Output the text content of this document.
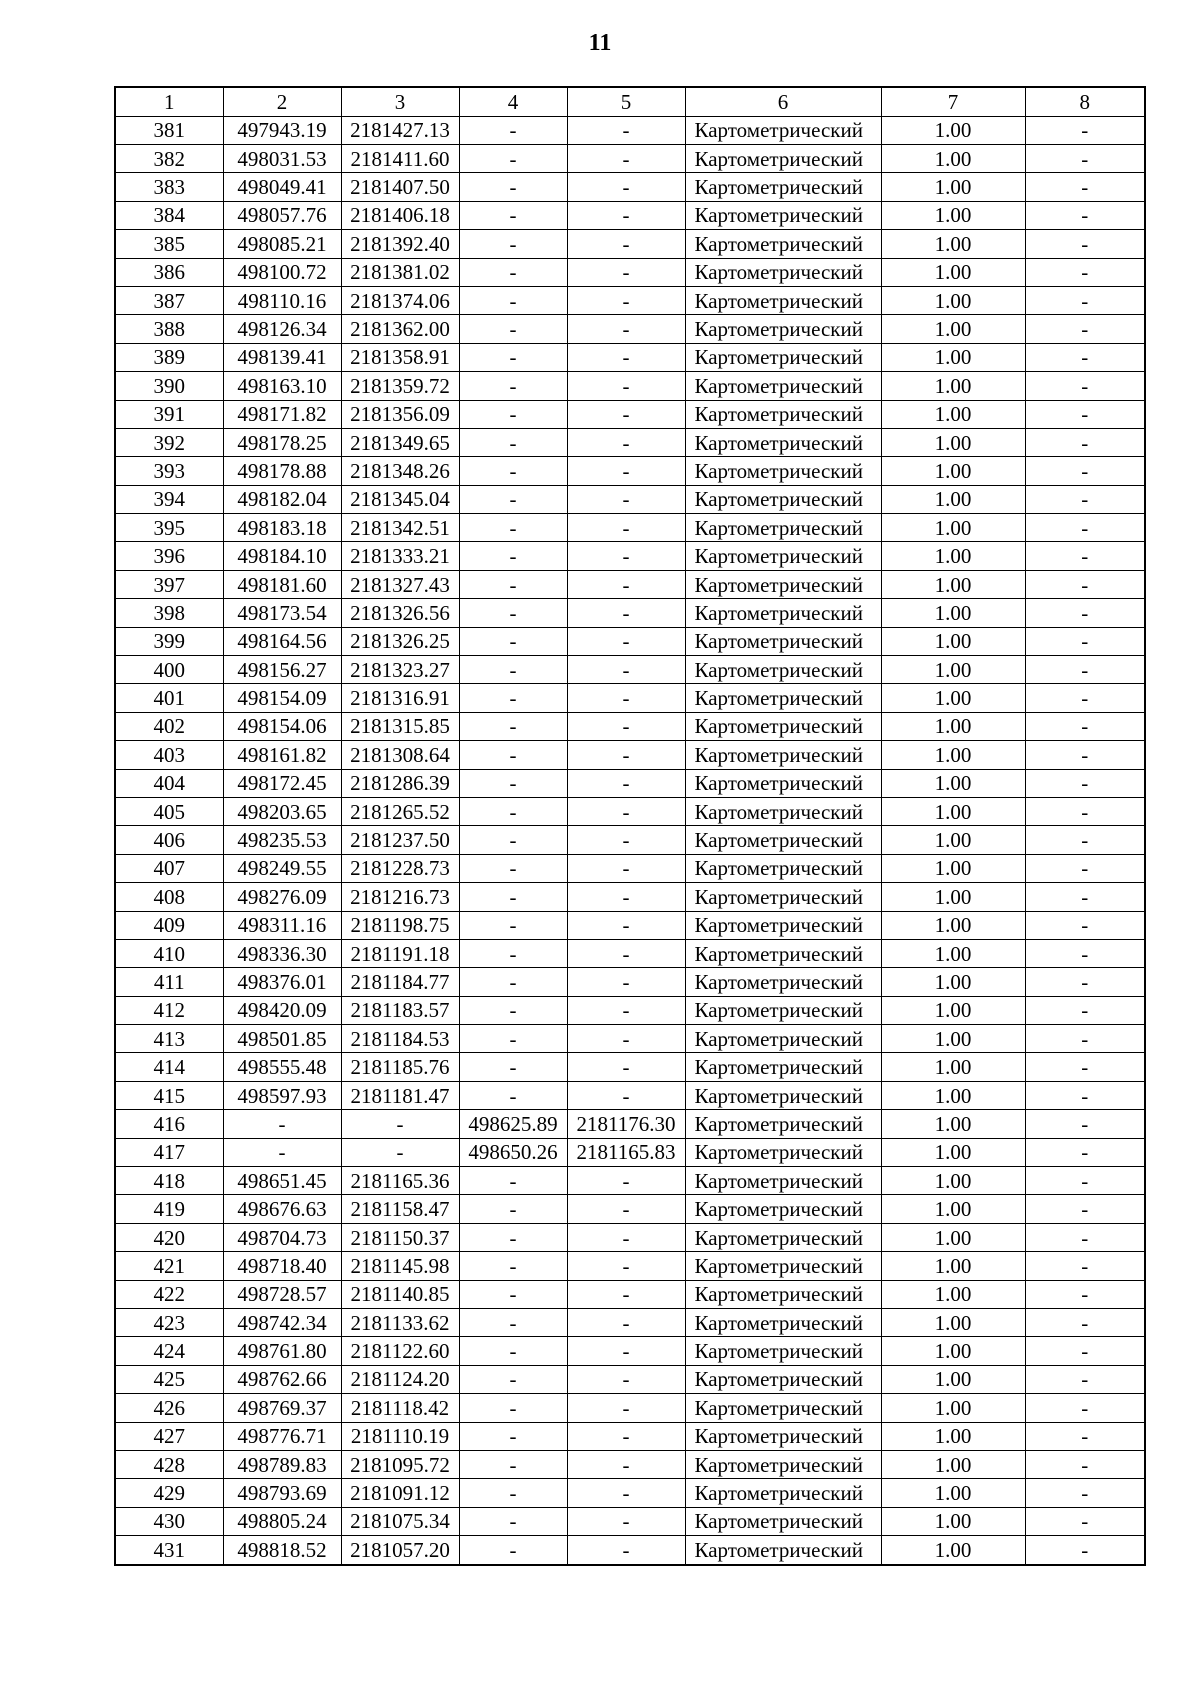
11
1	2	3	4	5	6	7	8
381	497943.19	2181427.13	-	-	Картометрический	1.00	-
382	498031.53	2181411.60	-	-	Картометрический	1.00	-
383	498049.41	2181407.50	-	-	Картометрический	1.00	-
384	498057.76	2181406.18	-	-	Картометрический	1.00	-
385	498085.21	2181392.40	-	-	Картометрический	1.00	-
386	498100.72	2181381.02	-	-	Картометрический	1.00	-
387	498110.16	2181374.06	-	-	Картометрический	1.00	-
388	498126.34	2181362.00	-	-	Картометрический	1.00	-
389	498139.41	2181358.91	-	-	Картометрический	1.00	-
390	498163.10	2181359.72	-	-	Картометрический	1.00	-
391	498171.82	2181356.09	-	-	Картометрический	1.00	-
392	498178.25	2181349.65	-	-	Картометрический	1.00	-
393	498178.88	2181348.26	-	-	Картометрический	1.00	-
394	498182.04	2181345.04	-	-	Картометрический	1.00	-
395	498183.18	2181342.51	-	-	Картометрический	1.00	-
396	498184.10	2181333.21	-	-	Картометрический	1.00	-
397	498181.60	2181327.43	-	-	Картометрический	1.00	-
398	498173.54	2181326.56	-	-	Картометрический	1.00	-
399	498164.56	2181326.25	-	-	Картометрический	1.00	-
400	498156.27	2181323.27	-	-	Картометрический	1.00	-
401	498154.09	2181316.91	-	-	Картометрический	1.00	-
402	498154.06	2181315.85	-	-	Картометрический	1.00	-
403	498161.82	2181308.64	-	-	Картометрический	1.00	-
404	498172.45	2181286.39	-	-	Картометрический	1.00	-
405	498203.65	2181265.52	-	-	Картометрический	1.00	-
406	498235.53	2181237.50	-	-	Картометрический	1.00	-
407	498249.55	2181228.73	-	-	Картометрический	1.00	-
408	498276.09	2181216.73	-	-	Картометрический	1.00	-
409	498311.16	2181198.75	-	-	Картометрический	1.00	-
410	498336.30	2181191.18	-	-	Картометрический	1.00	-
411	498376.01	2181184.77	-	-	Картометрический	1.00	-
412	498420.09	2181183.57	-	-	Картометрический	1.00	-
413	498501.85	2181184.53	-	-	Картометрический	1.00	-
414	498555.48	2181185.76	-	-	Картометрический	1.00	-
415	498597.93	2181181.47	-	-	Картометрический	1.00	-
416	-	-	498625.89	2181176.30	Картометрический	1.00	-
417	-	-	498650.26	2181165.83	Картометрический	1.00	-
418	498651.45	2181165.36	-	-	Картометрический	1.00	-
419	498676.63	2181158.47	-	-	Картометрический	1.00	-
420	498704.73	2181150.37	-	-	Картометрический	1.00	-
421	498718.40	2181145.98	-	-	Картометрический	1.00	-
422	498728.57	2181140.85	-	-	Картометрический	1.00	-
423	498742.34	2181133.62	-	-	Картометрический	1.00	-
424	498761.80	2181122.60	-	-	Картометрический	1.00	-
425	498762.66	2181124.20	-	-	Картометрический	1.00	-
426	498769.37	2181118.42	-	-	Картометрический	1.00	-
427	498776.71	2181110.19	-	-	Картометрический	1.00	-
428	498789.83	2181095.72	-	-	Картометрический	1.00	-
429	498793.69	2181091.12	-	-	Картометрический	1.00	-
430	498805.24	2181075.34	-	-	Картометрический	1.00	-
431	498818.52	2181057.20	-	-	Картометрический	1.00	-
